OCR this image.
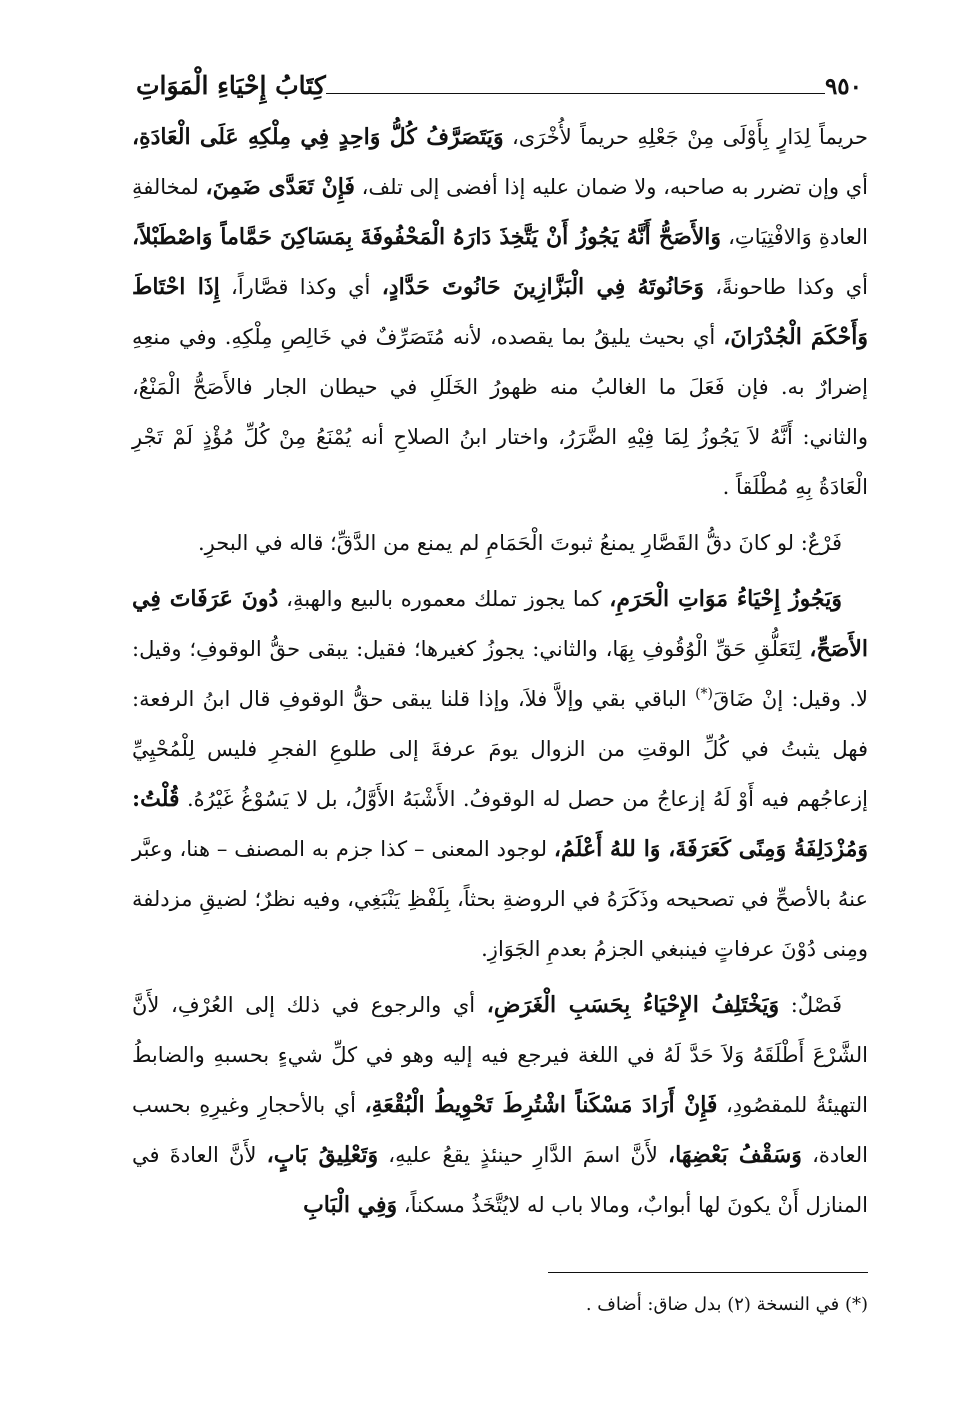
كِتَابُ إِحْيَاءِ الْمَوَاتِ	٩٥٠

حريماً لِدَارٍ بِأَوْلَى مِنْ جَعْلِهِ حريماً لأُخْرَى، وَيَتَصَرَّفُ كُلُّ وَاحِدٍ فِي مِلْكِهِ عَلَى الْعَادَةِ، أي وإن تضرر به صاحبه، ولا ضمان عليه إذا أفضى إلى تلف، فَإِنْ تَعَدَّى ضَمِنَ، لمخالفةِ العادةِ وَالافْتِيَاتِ، وَالأَصَحُّ أَنَّهُ يَجُوزُ أَنْ يَتَّخِذَ دَارَهُ الْمَحْفُوفَةَ بِمَسَاكِنَ حَمَّاماً وَاصْطَبْلاً، أي وكذا طاحونةً، وَحَانُوتَهُ فِي الْبَزَّازِينَ حَانُوتَ حَدَّادٍ، أي وكذا قصَّاراً، إِذَا احْتَاطَ وَأَحْكَمَ الْجُدْرَانَ، أي بحيث يليقُ بما يقصده، لأنه مُتَصَرِّفٌ في خَالِصِ مِلْكِهِ. وفي منعِهِ إضرارٌ به. فإن فَعَلَ ما الغالبُ منه ظهورُ الخَلَلِ في حيطان الجار فالأَصَحُّ الْمَنْعُ، والثاني: أَنَّهُ لاَ يَجُوزُ لِمَا فِيْهِ الضَّرَرُ، واختار ابنُ الصلاحِ أنه يُمْنَعُ مِنْ كُلِّ مُؤْذٍ لَمْ تَجْرِ الْعَادَةُ بِهِ مُطْلَقاً .

فَرْعٌ: لو كانَ دقُّ القَصَّارِ يمنعُ ثبوتَ الْحَمَامِ لم يمنع من الدَّقِّ؛ قاله في البحرِ.

وَيَجُوزُ إِحْيَاءُ مَوَاتِ الْحَرَمِ، كما يجوز تملك معموره بالبيع والهبةِ، دُونَ عَرَفَاتَ فِي الأَصَحِّ، لِتَعَلُّقِ حَقِّ الْوُقُوفِ بِهَا، والثاني: يجوزُ كغيرها؛ فقيل: يبقى حقُّ الوقوفِ؛ وقيل: لا. وقيل: إنْ ضَاقَ(*) الباقي بقي وإلاَّ فلاَ، وإذا قلنا يبقى حقُّ الوقوفِ قال ابنُ الرفعة: فهل يثبتُ في كُلِّ الوقتِ من الزوال يومَ عرفةَ إلى طلوعِ الفجرِ فليس لِلْمُحْيِيِّ إزعاجُهم فيه أَوْ لَهُ إزعاجُ من حصل له الوقوفُ. الأَشْبَهُ الأَوَّلُ، بل لا يَسُوْغُ غَيْرُهُ. قُلْتُ: وَمُزْدَلِفَةُ وَمِنًى كَعَرَفَةَ، وَا للهُ أَعْلَمُ، لوجود المعنى – كذا جزم به المصنف – هنا، وعبَّر عنهُ بالأصحِّ في تصحيحه وذَكَرَهُ في الروضةِ بحثاً، بِلَفْظِ يَنْبَغِي، وفيه نظرٌ؛ لضيقِ مزدلفة ومِنى دُوْنَ عرفاتٍ فينبغي الجزمُ بعدمِ الجَوَازِ.

فَصْلٌ: وَيَخْتَلِفُ الإِحْيَاءُ بِحَسَبِ الْغَرَضِ، أي والرجوع في ذلك إلى العُرْفِ، لأَنَّ الشَّرْعَ أَطْلَقَهُ وَلاَ حَدَّ لَهُ في اللغة فيرجع فيه إليه وهو في كلِّ شيءٍ بحسبهِ والضابطُ التهيئةُ للمقصُودِ، فَإِنْ أَرَادَ مَسْكَناً اشْتُرِطَ تَحْوِيطُ الْبُقْعَةِ، أي بالأحجارِ وغيرِهِ بحسب العادة، وَسَقْفُ بَعْضِهَا، لأَنَّ اسمَ الدَّارِ حينئذٍ يقعُ عليهِ، وَتَعْلِيقُ بَابٍ، لأَنَّ العادةَ في المنازل أَنْ يكونَ لها أبوابٌ، ومالا باب له لايُتَّخَذُ مسكناً، وَفِي الْبَابِ

(*) في النسخة (٢) بدل ضاق: أضاف .
